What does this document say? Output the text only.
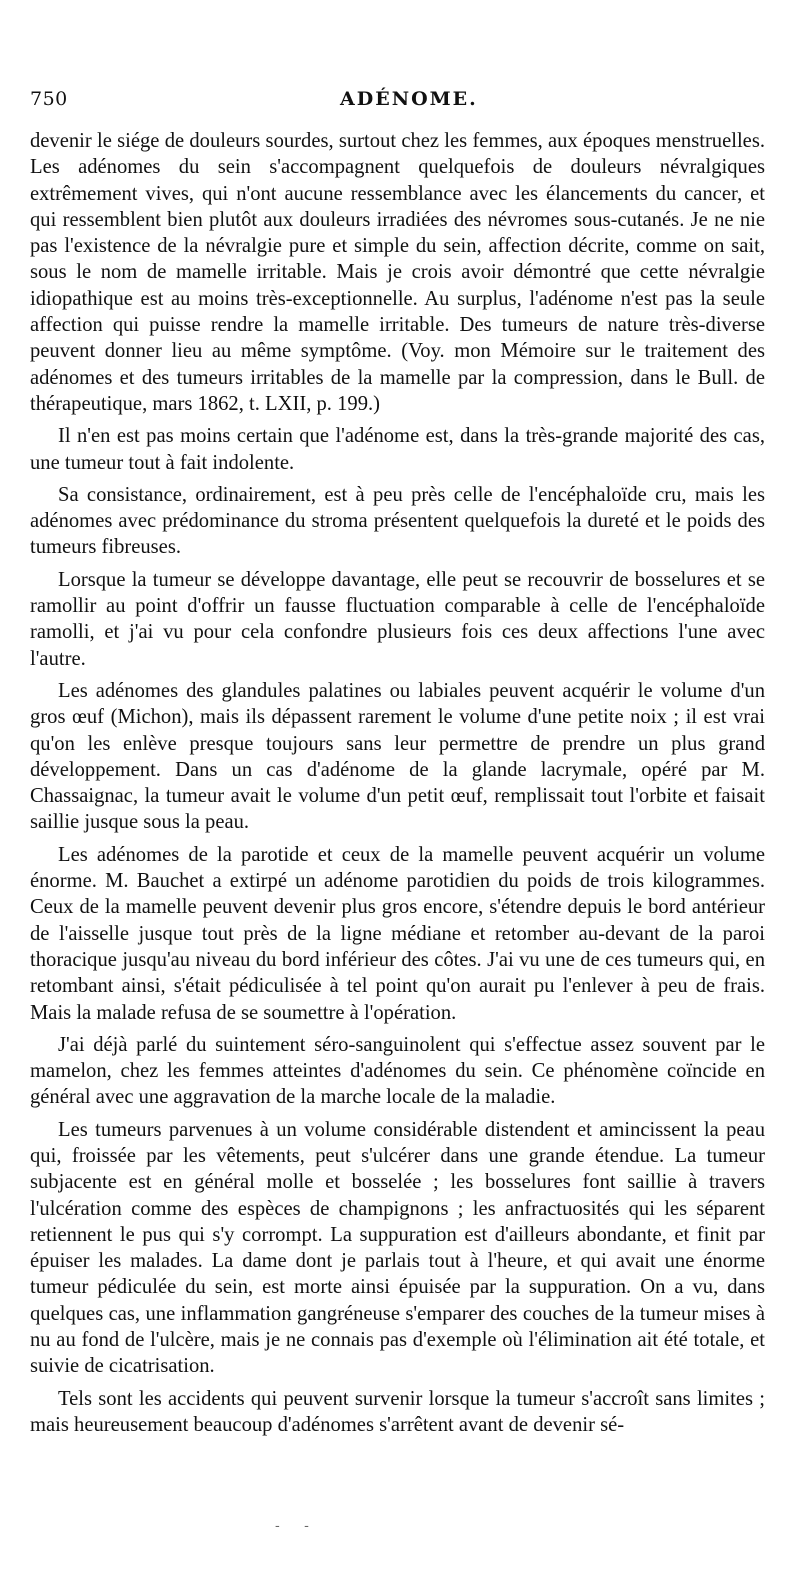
750	ADÉNOME.

devenir le siége de douleurs sourdes, surtout chez les femmes, aux époques menstruelles. Les adénomes du sein s'accompagnent quelquefois de douleurs névralgiques extrêmement vives, qui n'ont aucune ressemblance avec les élancements du cancer, et qui ressemblent bien plutôt aux douleurs irradiées des névromes sous-cutanés. Je ne nie pas l'existence de la névralgie pure et simple du sein, affection décrite, comme on sait, sous le nom de mamelle irritable. Mais je crois avoir démontré que cette névralgie idiopathique est au moins très-exceptionnelle. Au surplus, l'adénome n'est pas la seule affection qui puisse rendre la mamelle irritable. Des tumeurs de nature très-diverse peuvent donner lieu au même symptôme. (Voy. mon Mémoire sur le traitement des adénomes et des tumeurs irritables de la mamelle par la compression, dans le Bull. de thérapeutique, mars 1862, t. LXII, p. 199.)

Il n'en est pas moins certain que l'adénome est, dans la très-grande majorité des cas, une tumeur tout à fait indolente.

Sa consistance, ordinairement, est à peu près celle de l'encéphaloïde cru, mais les adénomes avec prédominance du stroma présentent quelquefois la dureté et le poids des tumeurs fibreuses.

Lorsque la tumeur se développe davantage, elle peut se recouvrir de bosselures et se ramollir au point d'offrir un fausse fluctuation comparable à celle de l'encéphaloïde ramolli, et j'ai vu pour cela confondre plusieurs fois ces deux affections l'une avec l'autre.

Les adénomes des glandules palatines ou labiales peuvent acquérir le volume d'un gros œuf (Michon), mais ils dépassent rarement le volume d'une petite noix ; il est vrai qu'on les enlève presque toujours sans leur permettre de prendre un plus grand développement. Dans un cas d'adénome de la glande lacrymale, opéré par M. Chassaignac, la tumeur avait le volume d'un petit œuf, remplissait tout l'orbite et faisait saillie jusque sous la peau.

Les adénomes de la parotide et ceux de la mamelle peuvent acquérir un volume énorme. M. Bauchet a extirpé un adénome parotidien du poids de trois kilogrammes. Ceux de la mamelle peuvent devenir plus gros encore, s'étendre depuis le bord antérieur de l'aisselle jusque tout près de la ligne médiane et retomber au-devant de la paroi thoracique jusqu'au niveau du bord inférieur des côtes. J'ai vu une de ces tumeurs qui, en retombant ainsi, s'était pédiculisée à tel point qu'on aurait pu l'enlever à peu de frais. Mais la malade refusa de se soumettre à l'opération.

J'ai déjà parlé du suintement séro-sanguinolent qui s'effectue assez souvent par le mamelon, chez les femmes atteintes d'adénomes du sein. Ce phénomène coïncide en général avec une aggravation de la marche locale de la maladie.

Les tumeurs parvenues à un volume considérable distendent et amincissent la peau qui, froissée par les vêtements, peut s'ulcérer dans une grande étendue. La tumeur subjacente est en général molle et bosselée ; les bosselures font saillie à travers l'ulcération comme des espèces de champignons ; les anfractuosités qui les séparent retiennent le pus qui s'y corrompt. La suppuration est d'ailleurs abondante, et finit par épuiser les malades. La dame dont je parlais tout à l'heure, et qui avait une énorme tumeur pédiculée du sein, est morte ainsi épuisée par la suppuration. On a vu, dans quelques cas, une inflammation gangréneuse s'emparer des couches de la tumeur mises à nu au fond de l'ulcère, mais je ne connais pas d'exemple où l'élimination ait été totale, et suivie de cicatrisation.

Tels sont les accidents qui peuvent survenir lorsque la tumeur s'accroît sans limites ; mais heureusement beaucoup d'adénomes s'arrêtent avant de devenir sé-

- -
